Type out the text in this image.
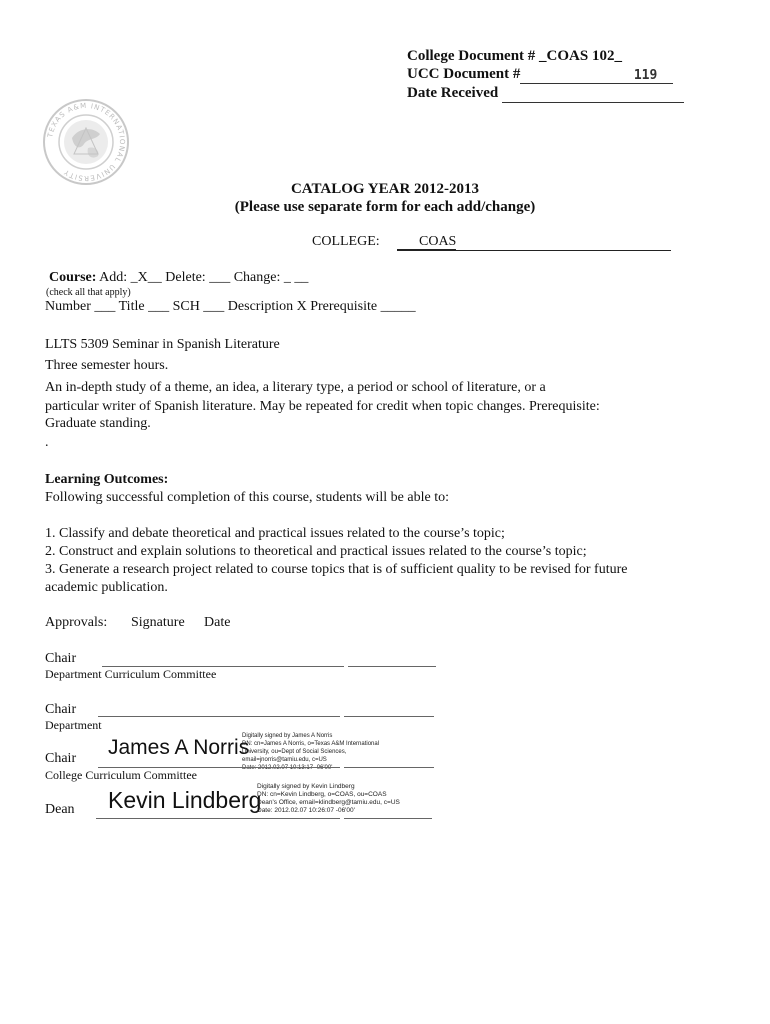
College Document # _COAS 102_
UCC Document #	119
Date Received
TEXAS A&M INTERNATIONAL UNIVERSITY
CATALOG YEAR 2012-2013
(Please use separate form for each add/change)
COLLEGE:	COAS
Course: Add: _X__ Delete: ___ Change: _ __
(check all that apply)
Number ___ Title ___ SCH ___ Description X Prerequisite _____
LLTS 5309 Seminar in Spanish Literature
Three semester hours.
An in-depth study of a theme, an idea, a literary type, a period or school of literature, or a
particular writer of Spanish literature. May be repeated for credit when topic changes. Prerequisite:
Graduate standing.
.
Learning Outcomes:
Following successful completion of this course, students will be able to:
1. Classify and debate theoretical and practical issues related to the course’s topic;
2. Construct and explain solutions to theoretical and practical issues related to the course’s topic;
3. Generate a research project related to course topics that is of sufficient quality to be revised for future
academic publication.
Approvals: Signature Date
Chair
Department Curriculum Committee
Chair
Department
James A Norris
Digitally signed by James A Norris
DN: cn=James A Norris, o=Texas A&M International
University, ou=Dept of Social Sciences,
email=jnorris@tamiu.edu, c=US
Date: 2012.02.07 10:13:17 -06'00'
Chair
College Curriculum Committee
Kevin Lindberg
Digitally signed by Kevin Lindberg
DN: cn=Kevin Lindberg, o=COAS, ou=COAS
Dean's Office, email=klindberg@tamiu.edu, c=US
Date: 2012.02.07 10:26:07 -06'00'
Dean
